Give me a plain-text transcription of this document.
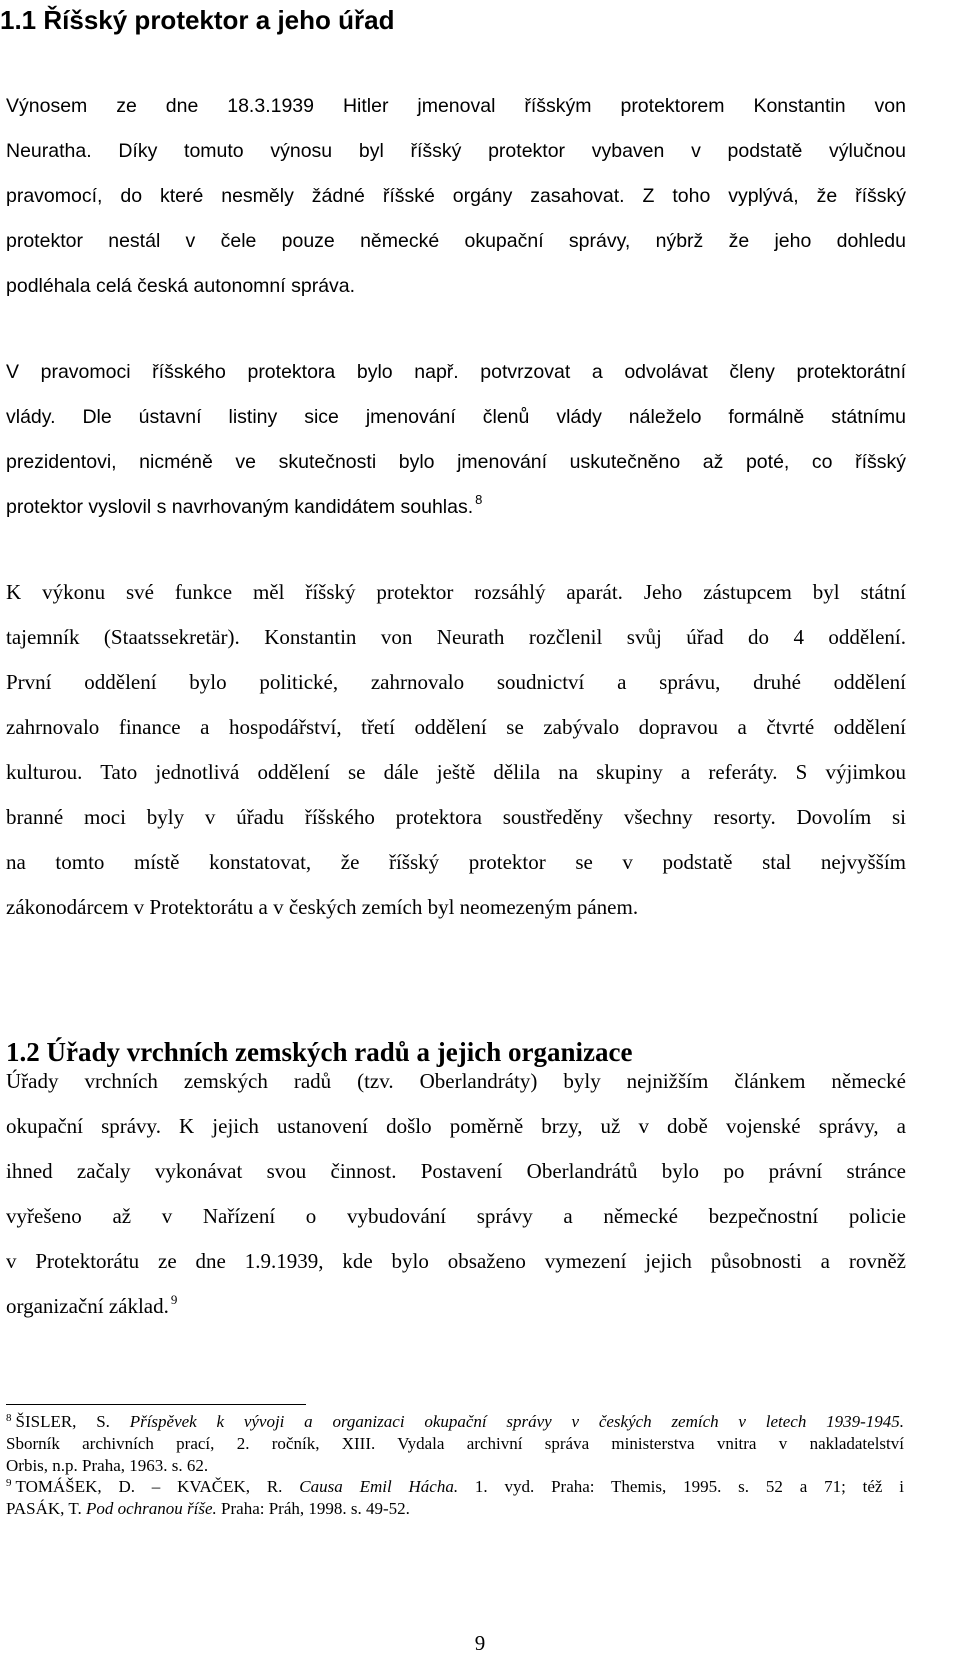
1.1 Říšský protektor a jeho úřad

Výnosem ze dne 18.3.1939 Hitler jmenoval říšským protektorem Konstantin von
Neuratha. Díky tomuto výnosu byl říšský protektor vybaven v podstatě výlučnou
pravomocí, do které nesměly žádné říšské orgány zasahovat. Z toho vyplývá, že říšský
protektor nestál v čele pouze německé okupační správy, nýbrž že jeho dohledu
podléhala celá česká autonomní správa.

V pravomoci říšského protektora bylo např. potvrzovat a odvolávat členy protektorátní
vlády. Dle ústavní listiny sice jmenování členů vlády náleželo formálně státnímu
prezidentovi, nicméně ve skutečnosti bylo jmenování uskutečněno až poté, co říšský
protektor vyslovil s navrhovaným kandidátem souhlas. $^8$

K výkonu své funkce měl říšský protektor rozsáhlý aparát. Jeho zástupcem byl státní
tajemník (Staatssekretär). Konstantin von Neurath rozčlenil svůj úřad do 4 oddělení.
První oddělení bylo politické, zahrnovalo soudnictví a správu, druhé oddělení
zahrnovalo finance a hospodářství, třetí oddělení se zabývalo dopravou a čtvrté oddělení
kulturou. Tato jednotlivá oddělení se dále ještě dělila na skupiny a referáty. S výjimkou
branné moci byly v úřadu říšského protektora soustředěny všechny resorty. Dovolím si
na tomto místě konstatovat, že říšský protektor se v podstatě stal nejvyšším
zákonodárcem v Protektorátu a v českých zemích byl neomezeným pánem.

1.2 Úřady vrchních zemských radů a jejich organizace

Úřady vrchních zemských radů (tzv. Oberlandráty) byly nejnižším článkem německé
okupační správy. K jejich ustanovení došlo poměrně brzy, už v době vojenské správy, a
ihned začaly vykonávat svou činnost. Postavení Oberlandrátů bylo po právní stránce
vyřešeno až v Nařízení o vybudování správy a německé bezpečnostní policie
v Protektorátu ze dne 1.9.1939, kde bylo obsaženo vymezení jejich působnosti a rovněž
organizační základ. $^9$

$^8$ ŠISLER, S. Příspěvek k vývoji a organizaci okupační správy v českých zemích v letech 1939-1945.
Sborník archivních prací, 2. ročník, XIII. Vydala archivní správa ministerstva vnitra v nakladatelství
Orbis, n.p. Praha, 1963. s. 62.
$^9$ TOMÁŠEK, D. – KVAČEK, R. Causa Emil Hácha. 1. vyd. Praha: Themis, 1995. s. 52 a 71; též i
PASÁK, T. Pod ochranou říše. Praha: Práh, 1998. s. 49-52.
9
